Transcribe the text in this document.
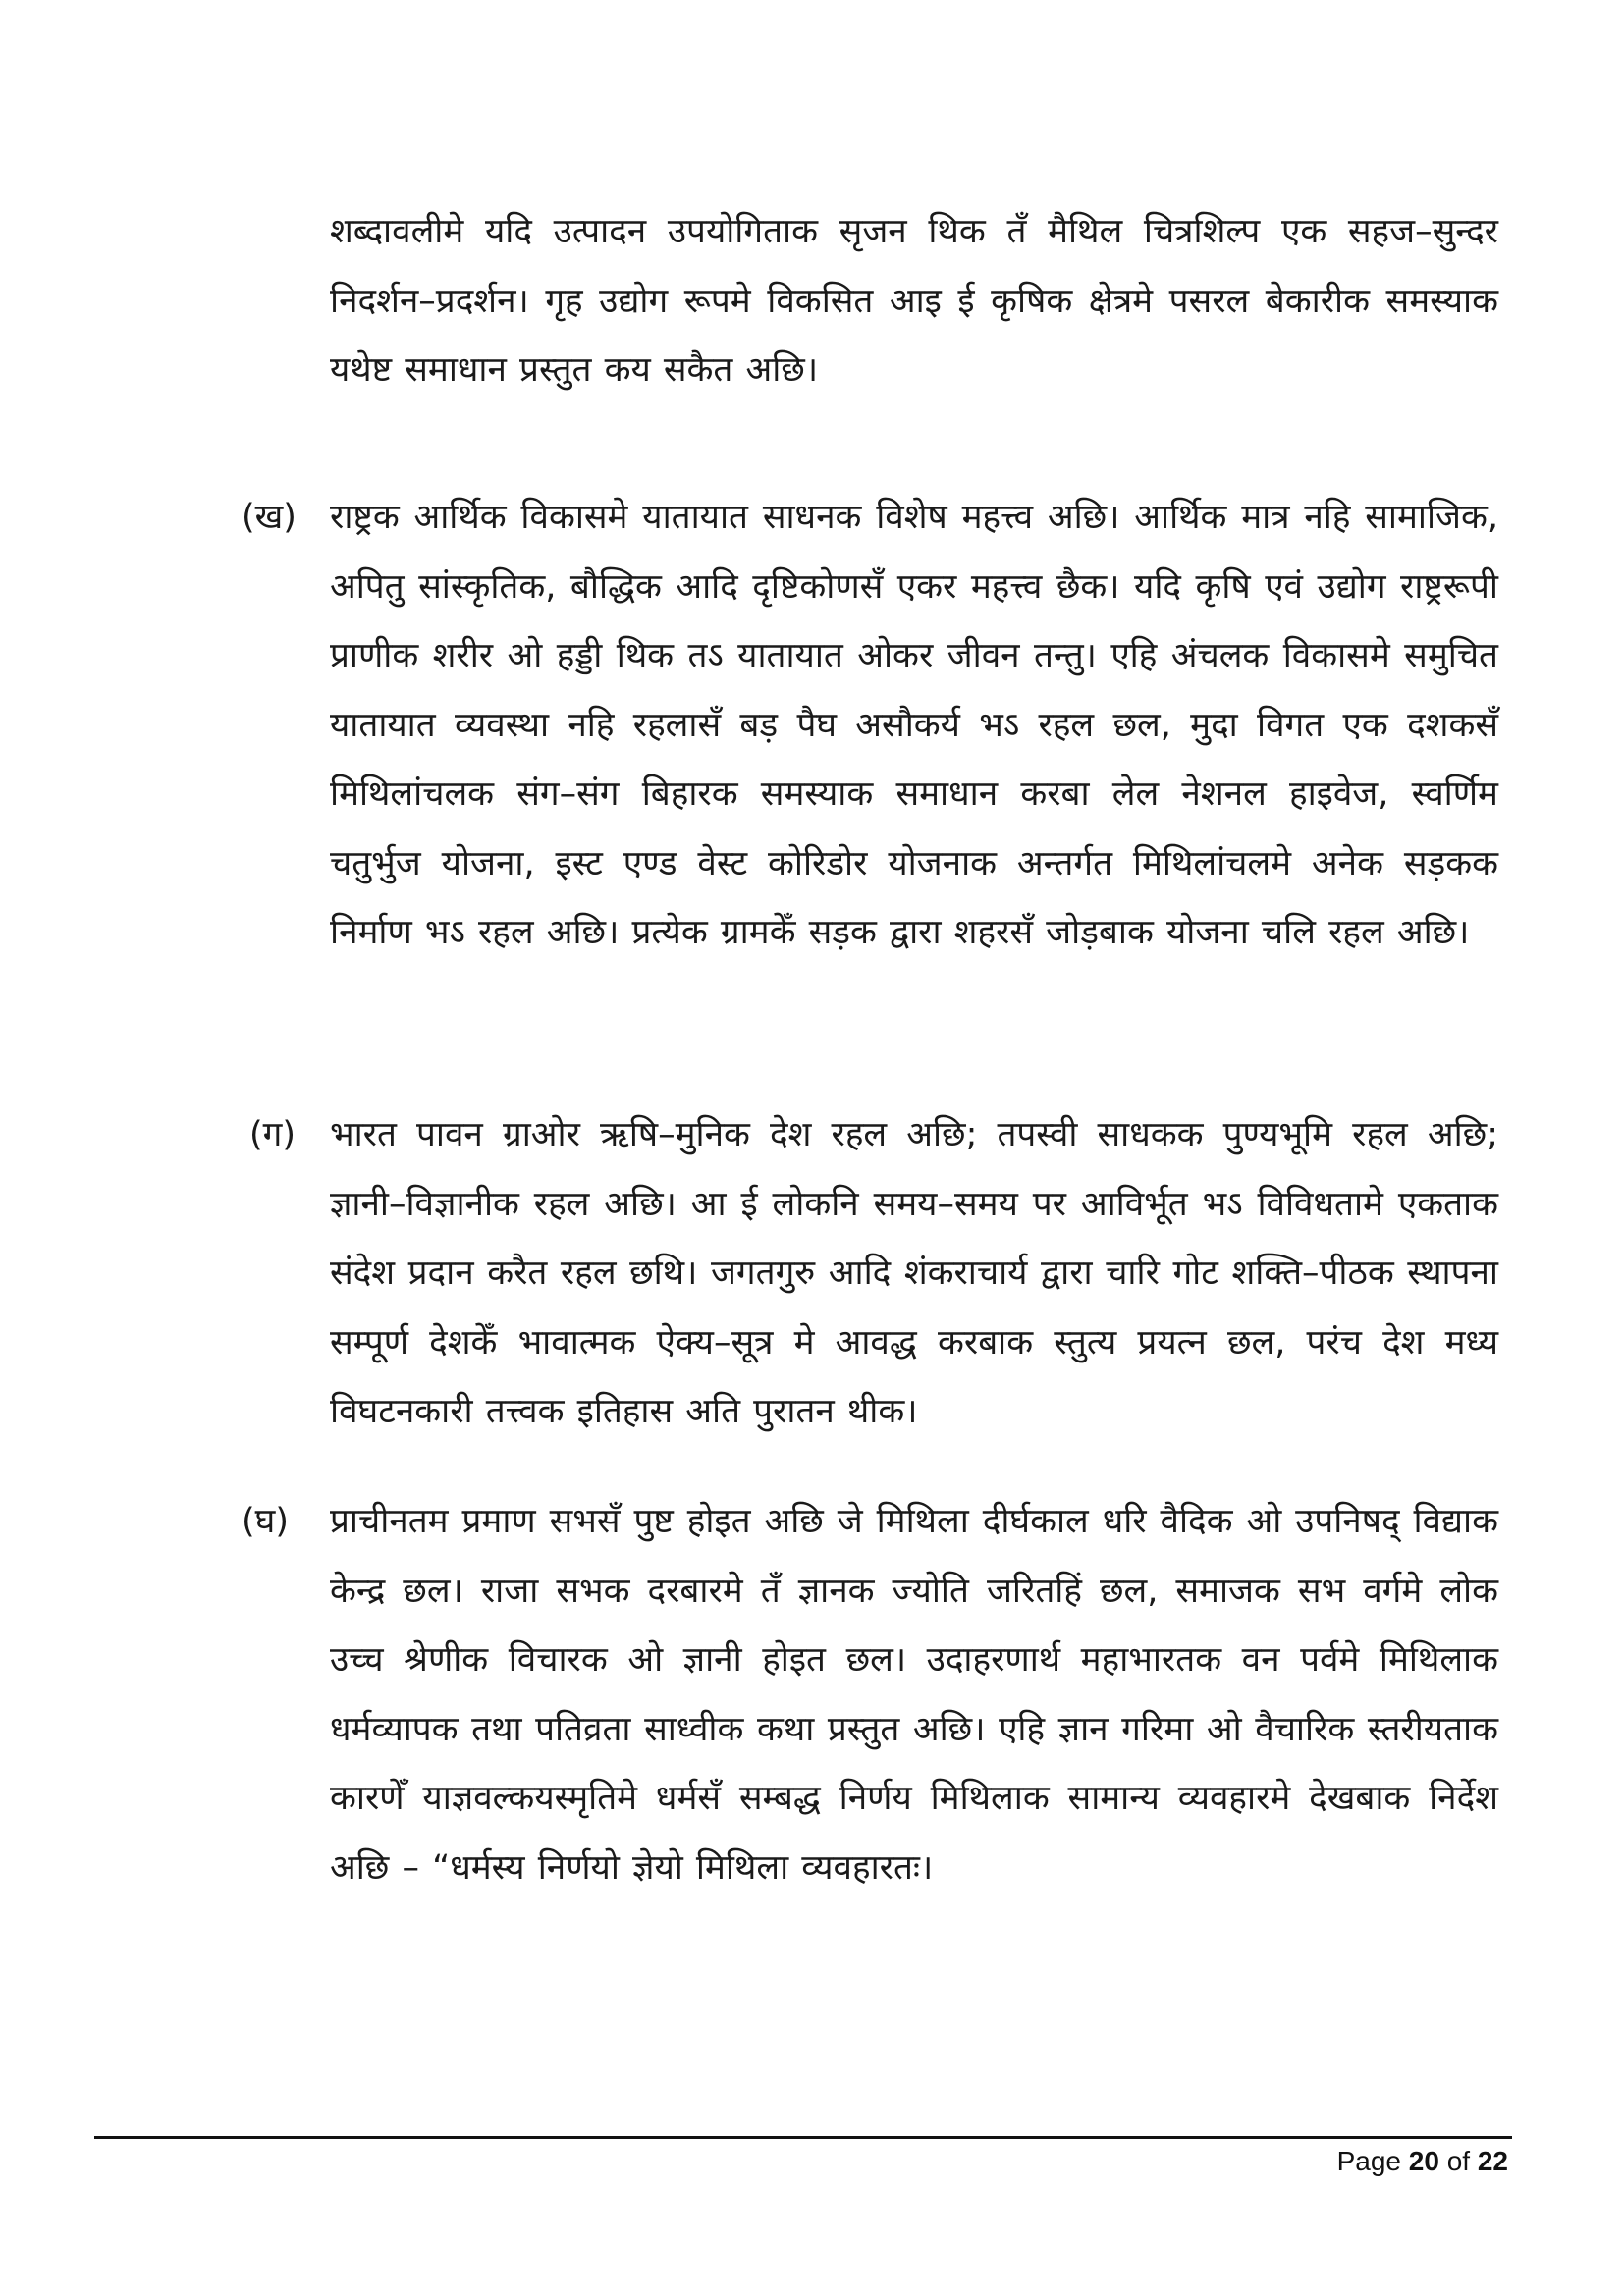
शब्दावलीमे यदि उत्पादन उपयोगिताक सृजन थिक तँ मैथिल चित्रशिल्प एक सहज–सुन्दर निदर्शन–प्रदर्शन। गृह उद्योग रूपमे विकसित आइ ई कृषिक क्षेत्रमे पसरल बेकारीक समस्याक यथेष्ट समाधान प्रस्तुत कय सकैत अछि।

(ख) राष्ट्रक आर्थिक विकासमे यातायात साधनक विशेष महत्त्व अछि। आर्थिक मात्र नहि सामाजिक, अपितु सांस्कृतिक, बौद्धिक आदि दृष्टिकोणसँ एकर महत्त्व छैक। यदि कृषि एवं उद्योग राष्ट्ररूपी प्राणीक शरीर ओ हड्डी थिक तऽ यातायात ओकर जीवन तन्तु। एहि अंचलक विकासमे समुचित यातायात व्यवस्था नहि रहलासँ बड़ पैघ असौकर्य भऽ रहल छल, मुदा विगत एक दशकसँ मिथिलांचलक संग–संग बिहारक समस्याक समाधान करबा लेल नेशनल हाइवेज, स्वर्णिम चतुर्भुज योजना, इस्ट एण्ड वेस्ट कोरिडोर योजनाक अन्तर्गत मिथिलांचलमे अनेक सड़कक निर्माण भऽ रहल अछि। प्रत्येक ग्रामकेँ सड़क द्वारा शहरसँ जोड़बाक योजना चलि रहल अछि।

(ग) भारत पावन ग्राओर ऋषि–मुनिक देश रहल अछि; तपस्वी साधकक पुण्यभूमि रहल अछि; ज्ञानी–विज्ञानीक रहल अछि। आ ई लोकनि समय–समय पर आविर्भूत भऽ विविधतामे एकताक संदेश प्रदान करैत रहल छथि। जगतगुरु आदि शंकराचार्य द्वारा चारि गोट शक्ति–पीठक स्थापना सम्पूर्ण देशकेँ भावात्मक ऐक्य–सूत्र मे आवद्ध करबाक स्तुत्य प्रयत्न छल, परंच देश मध्य विघटनकारी तत्त्वक इतिहास अति पुरातन थीक।

(घ) प्राचीनतम प्रमाण सभसँ पुष्ट होइत अछि जे मिथिला दीर्घकाल धरि वैदिक ओ उपनिषद् विद्याक केन्द्र छल। राजा सभक दरबारमे तँ ज्ञानक ज्योति जरितहिं छल, समाजक सभ वर्गमे लोक उच्च श्रेणीक विचारक ओ ज्ञानी होइत छल। उदाहरणार्थ महाभारतक वन पर्वमे मिथिलाक धर्मव्यापक तथा पतिव्रता साध्वीक कथा प्रस्तुत अछि। एहि ज्ञान गरिमा ओ वैचारिक स्तरीयताक कारणेँ याज्ञवल्कयस्मृतिमे धर्मसँ सम्बद्ध निर्णय मिथिलाक सामान्य व्यवहारमे देखबाक निर्देश अछि – “धर्मस्य निर्णयो ज्ञेयो मिथिला व्यवहारतः।

Page 20 of 22
